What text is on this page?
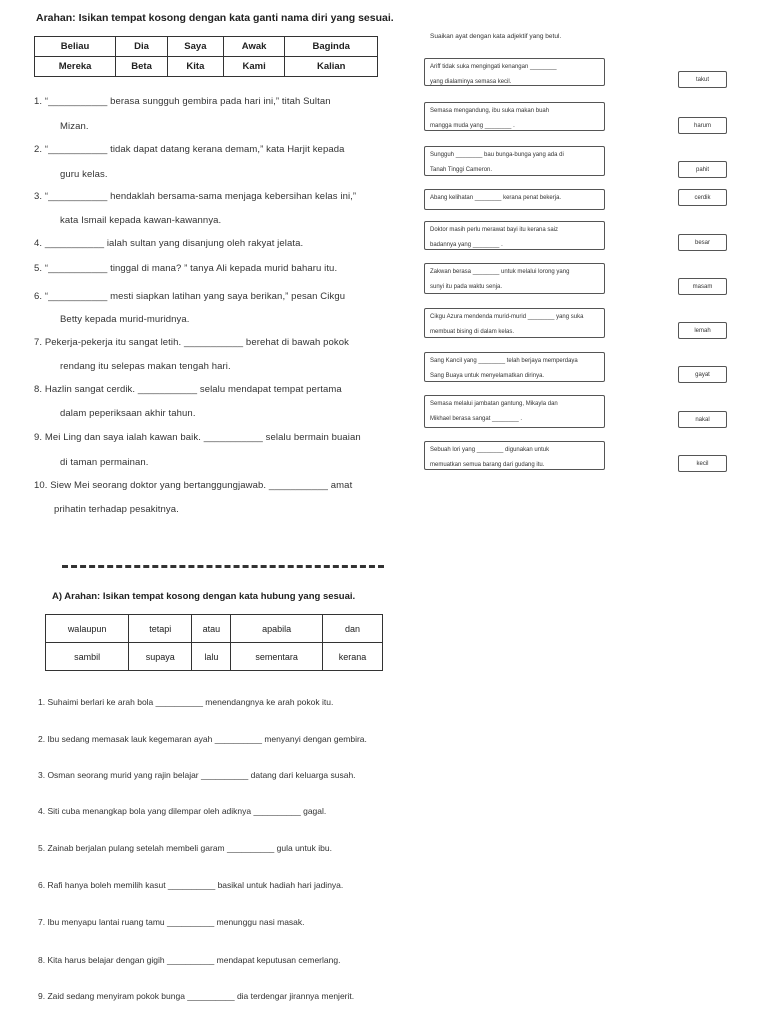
Arahan: Isikan tempat kosong dengan kata ganti nama diri yang sesuai.
Beliau	Dia	Saya	Awak	Baginda
Mereka	Beta	Kita	Kami	Kalian
1. “___________ berasa sungguh gembira pada hari ini,” titah Sultan
Mizan.
2. “___________ tidak dapat datang kerana demam,” kata Harjit kepada
guru kelas.
3. “___________ hendaklah bersama-sama menjaga kebersihan kelas ini,”
kata Ismail kepada kawan-kawannya.
4. ___________ ialah sultan yang disanjung oleh rakyat jelata.
5. “___________ tinggal di mana? ” tanya Ali kepada murid baharu itu.
6. “___________ mesti siapkan latihan yang saya berikan,” pesan Cikgu
Betty kepada murid-muridnya.
7. Pekerja-pekerja itu sangat letih. ___________ berehat di bawah pokok
rendang itu selepas makan tengah hari.
8. Hazlin sangat cerdik. ___________ selalu mendapat tempat pertama
dalam peperiksaan akhir tahun.
9. Mei Ling dan saya ialah kawan baik. ___________ selalu bermain buaian
di taman permainan.
10. Siew Mei seorang doktor yang bertanggungjawab. ___________ amat
prihatin terhadap pesakitnya.
A) Arahan: Isikan tempat kosong dengan kata hubung yang sesuai.
walaupun	tetapi	atau	apabila	dan
sambil	supaya	lalu	sementara	kerana
1. Suhaimi berlari ke arah bola __________ menendangnya ke arah pokok itu.
2. Ibu sedang memasak lauk kegemaran ayah __________ menyanyi dengan gembira.
3. Osman seorang murid yang rajin belajar __________ datang dari keluarga susah.
4. Siti cuba menangkap bola yang dilempar oleh adiknya __________ gagal.
5. Zainab berjalan pulang setelah membeli garam __________ gula untuk ibu.
6. Rafi hanya boleh memilih kasut __________ basikal untuk hadiah hari jadinya.
7. Ibu menyapu lantai ruang tamu __________ menunggu nasi masak.
8. Kita harus belajar dengan gigih __________ mendapat keputusan cemerlang.
9. Zaid sedang menyiram pokok bunga __________ dia terdengar jirannya menjerit.
Suaikan ayat dengan kata adjektif yang betul.
Ariff tidak suka mengingati kenangan ________
yang dialaminya semasa kecil.
Semasa mengandung, ibu suka makan buah
mangga muda yang ________ .
Sungguh ________ bau bunga-bunga yang ada di
Tanah Tinggi Cameron.
Abang kelihatan ________ kerana penat bekerja.
Doktor masih perlu merawat bayi itu kerana saiz
badannya yang ________ .
Zakwan berasa ________ untuk melalui lorong yang
sunyi itu pada waktu senja.
Cikgu Azura mendenda murid-murid ________ yang suka
membuat bising di dalam kelas.
Sang Kancil yang ________ telah berjaya memperdaya
Sang Buaya untuk menyelamatkan dirinya.
Semasa melalui jambatan gantung, Mikayla dan
Mikhael berasa sangat ________ .
Sebuah lori yang ________ digunakan untuk
memuatkan semua barang dari gudang itu.
takut
harum
pahit
cerdik
besar
masam
lemah
gayat
nakal
kecil
